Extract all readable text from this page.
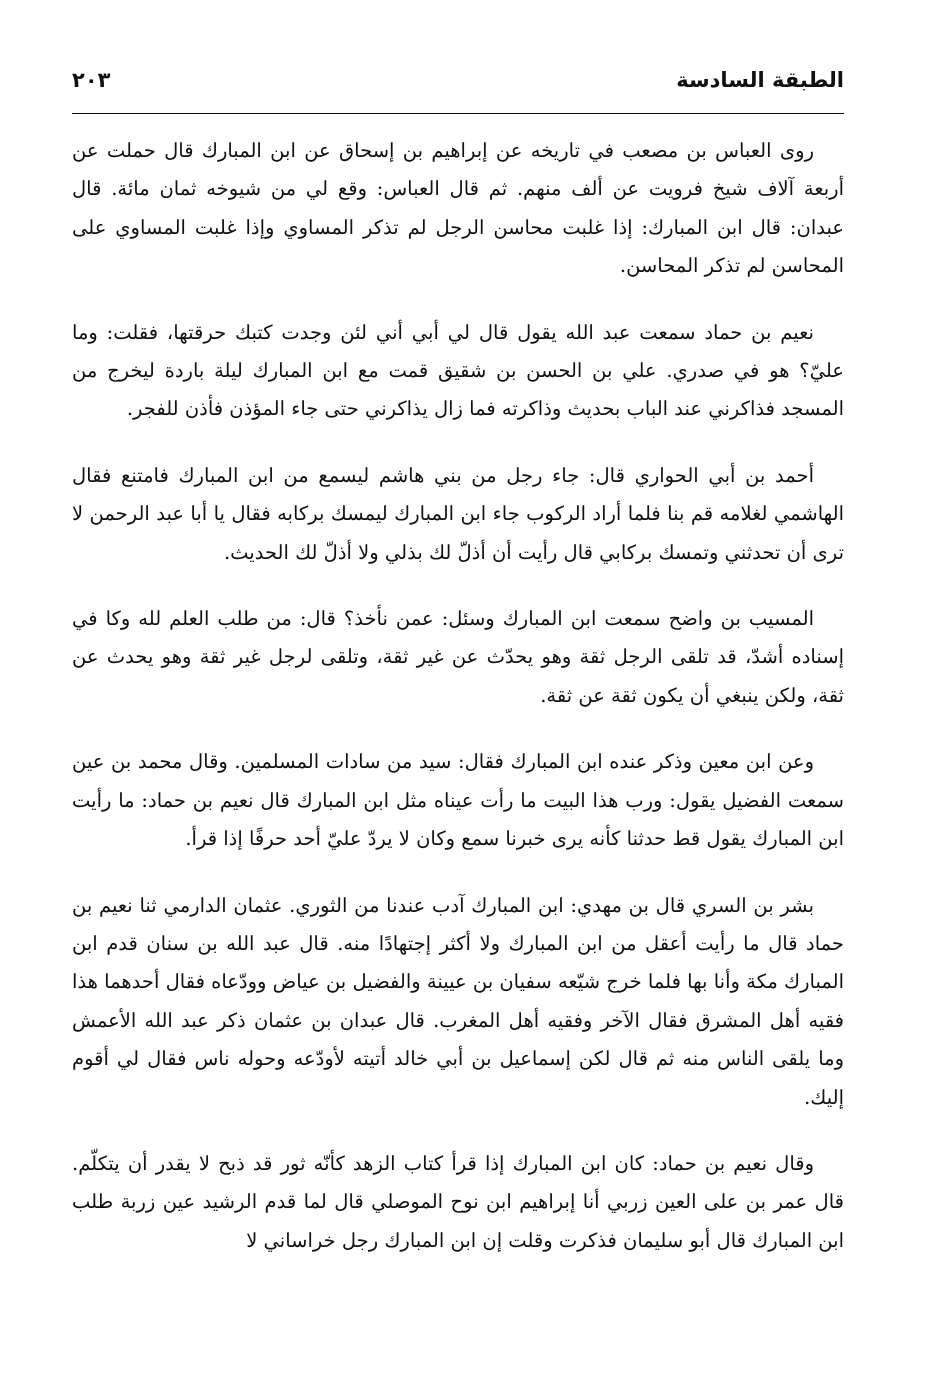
الطبقة السادسة
٢٠٣

روى العباس بن مصعب في تاريخه عن إبراهيم بن إسحاق عن ابن المبارك قال حملت عن أربعة آلاف شيخ فرويت عن ألف منهم. ثم قال العباس: وقع لي من شيوخه ثمان مائة. قال عبدان: قال ابن المبارك: إذا غلبت محاسن الرجل لم تذكر المساوي وإذا غلبت المساوي على المحاسن لم تذكر المحاسن.

نعيم بن حماد سمعت عبد الله يقول قال لي أبي أني لئن وجدت كتبك حرقتها، فقلت: وما عليّ؟ هو في صدري. علي بن الحسن بن شقيق قمت مع ابن المبارك ليلة باردة ليخرج من المسجد فذاكرني عند الباب بحديث وذاكرته فما زال يذاكرني حتى جاء المؤذن فأذن للفجر.

أحمد بن أبي الحواري قال: جاء رجل من بني هاشم ليسمع من ابن المبارك فامتنع فقال الهاشمي لغلامه قم بنا فلما أراد الركوب جاء ابن المبارك ليمسك بركابه فقال يا أبا عبد الرحمن لا ترى أن تحدثني وتمسك بركابي قال رأيت أن أذلّ لك بذلي ولا أذلّ لك الحديث.

المسيب بن واضح سمعت ابن المبارك وسئل: عمن نأخذ؟ قال: من طلب العلم لله وكا في إسناده أشدّ، قد تلقى الرجل ثقة وهو يحدّث عن غير ثقة، وتلقى لرجل غير ثقة وهو يحدث عن ثقة، ولكن ينبغي أن يكون ثقة عن ثقة.

وعن ابن معين وذكر عنده ابن المبارك فقال: سيد من سادات المسلمين. وقال محمد بن عين سمعت الفضيل يقول: ورب هذا البيت ما رأت عيناه مثل ابن المبارك قال نعيم بن حماد: ما رأيت ابن المبارك يقول قط حدثنا كأنه يرى خبرنا سمع وكان لا يردّ عليّ أحد حرفًا إذا قرأ.

بشر بن السري قال بن مهدي: ابن المبارك آدب عندنا من الثوري. عثمان الدارمي ثنا نعيم بن حماد قال ما رأيت أعقل من ابن المبارك ولا أكثر إجتهادًا منه. قال عبد الله بن سنان قدم ابن المبارك مكة وأنا بها فلما خرج شيّعه سفيان بن عيينة والفضيل بن عياض وودّعاه فقال أحدهما هذا فقيه أهل المشرق فقال الآخر وفقيه أهل المغرب. قال عبدان بن عثمان ذكر عبد الله الأعمش وما يلقى الناس منه ثم قال لكن إسماعيل بن أبي خالد أتيته لأودّعه وحوله ناس فقال لي أقوم إليك.

وقال نعيم بن حماد: كان ابن المبارك إذا قرأ كتاب الزهد كأنّه ثور قد ذبح لا يقدر أن يتكلّم. قال عمر بن على العين زربي أنا إبراهيم ابن نوح الموصلي قال لما قدم الرشيد عين زربة طلب ابن المبارك قال أبو سليمان فذكرت وقلت إن ابن المبارك رجل خراساني لا
